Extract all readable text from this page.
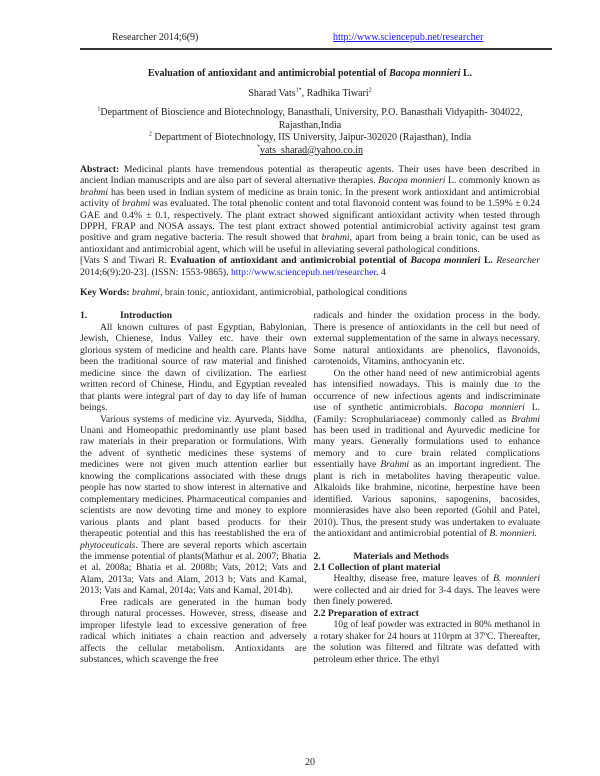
Researcher 2014;6(9)	http://www.sciencepub.net/researcher
Evaluation of antioxidant and antimicrobial potential of Bacopa monnieri L.
Sharad Vats$^{1*}$, Radhika Tiwari$^2$
$^1$Department of Bioscience and Biotechnology, Banasthali, University, P.O. Banasthali Vidyapith- 304022, Rajasthan,India
$^2$ Department of Biotechnology, IIS University, Jaipur-302020 (Rajasthan), India
*vats_sharad@yahoo.co.in
Abstract: Medicinal plants have tremendous potential as therapeutic agents. Their uses have been described in ancient Indian manuscripts and are also part of several alternative therapies. Bacopa monnieri L. commonly known as brahmi has been used in Indian system of medicine as brain tonic. In the present work antioxidant and antimicrobial activity of brahmi was evaluated. The total phenolic content and total flavonoid content was found to be 1.59% ± 0.24 GAE and 0.4% ± 0.1, respectively. The plant extract showed significant antioxidant activity when tested through DPPH, FRAP and NOSA assays. The test plant extract showed potential antimicrobial activity against test gram positive and gram negative bacteria. The result showed that brahmi, apart from being a brain tonic, can be used as antioxidant and antimicrobial agent, which will be useful in alleviating several pathological conditions.
[Vats S and Tiwari R. Evaluation of antioxidant and antimicrobial potential of Bacopa monnieri L. Researcher 2014;6(9):20-23]. (ISSN: 1553-9865). http://www.sciencepub.net/researcher. 4
Key Words: brahmi, brain tonic, antioxidant, antimicrobial, pathological conditions
1.	Introduction

All known cultures of past Egyptian, Babylonian, Jewish, Chienese, Indus Valley etc. have their own glorious system of medicine and health care. Plants have been the traditional source of raw material and finished medicine since the dawn of civilization. The earliest written record of Chinese, Hindu, and Egyptian revealed that plants were integral part of day to day life of human beings.

Various systems of medicine viz. Ayurveda, Siddha, Unani and Homeopathic predominantly use plant based raw materials in their preparation or formulations. With the advent of synthetic medicines these systems of medicines were not given much attention earlier but knowing the complications associated with these drugs people has now started to show interest in alternative and complementary medicines. Pharmaceutical companies and scientists are now devoting time and money to explore various plants and plant based products for their therapeutic potential and this has reestablished the era of phytoceuticals. There are several reports which ascertain the immense potential of plants(Mathur et al. 2007; Bhatia et al. 2008a; Bhatia et al. 2008b; Vats, 2012; Vats and Alam, 2013a; Vats and Alam, 2013 b; Vats and Kamal, 2013; Vats and Kamal, 2014a; Vats and Kamal, 2014b).

Free radicals are generated in the human body through natural processes. However, stress, disease and improper lifestyle lead to excessive generation of free radical which initiates a chain reaction and adversely affects the cellular metabolism. Antioxidants are substances, which scavenge the free

radicals and hinder the oxidation process in the body. There is presence of antioxidants in the cell but need of external supplementation of the same in always necessary. Some natural antioxidants are phenolics, flavonoids, carotenoids, Vitamins, anthocyanin etc.

On the other hand need of new antimicrobial agents has intensified nowadays. This is mainly due to the occurrence of new infectious agents and indiscriminate use of synthetic antimicrobials. Bacopa monnieri L. (Family: Scrophulariaceae) commonly called as Brahmi has been used in traditional and Ayurvedic medicine for many years. Generally formulations used to enhance memory and to cure brain related complications essentially have Brahmi as an important ingredient. The plant is rich in metabolites having therapeutic value. Alkaloids like brahmine, nicotine, herpestine have been identified. Various saponins, sapogenins, bacosides, monnierasides have also been reported (Gohil and Patel, 2010). Thus, the present study was undertaken to evaluate the antioxidant and antimicrobial potential of B. monnieri.

2.	Materials and Methods
2.1 Collection of plant material

Healthy, disease free, mature leaves of B. monnieri were collected and air dried for 3-4 days. The leaves were then finely powered.

2.2 Preparation of extract

10g of leaf powder was extracted in 80% methanol in a rotary shaker for 24 hours at 110rpm at 37ºC. Thereafter, the solution was filtered and filtrate was defatted with petroleum ether thrice. The ethyl

20
